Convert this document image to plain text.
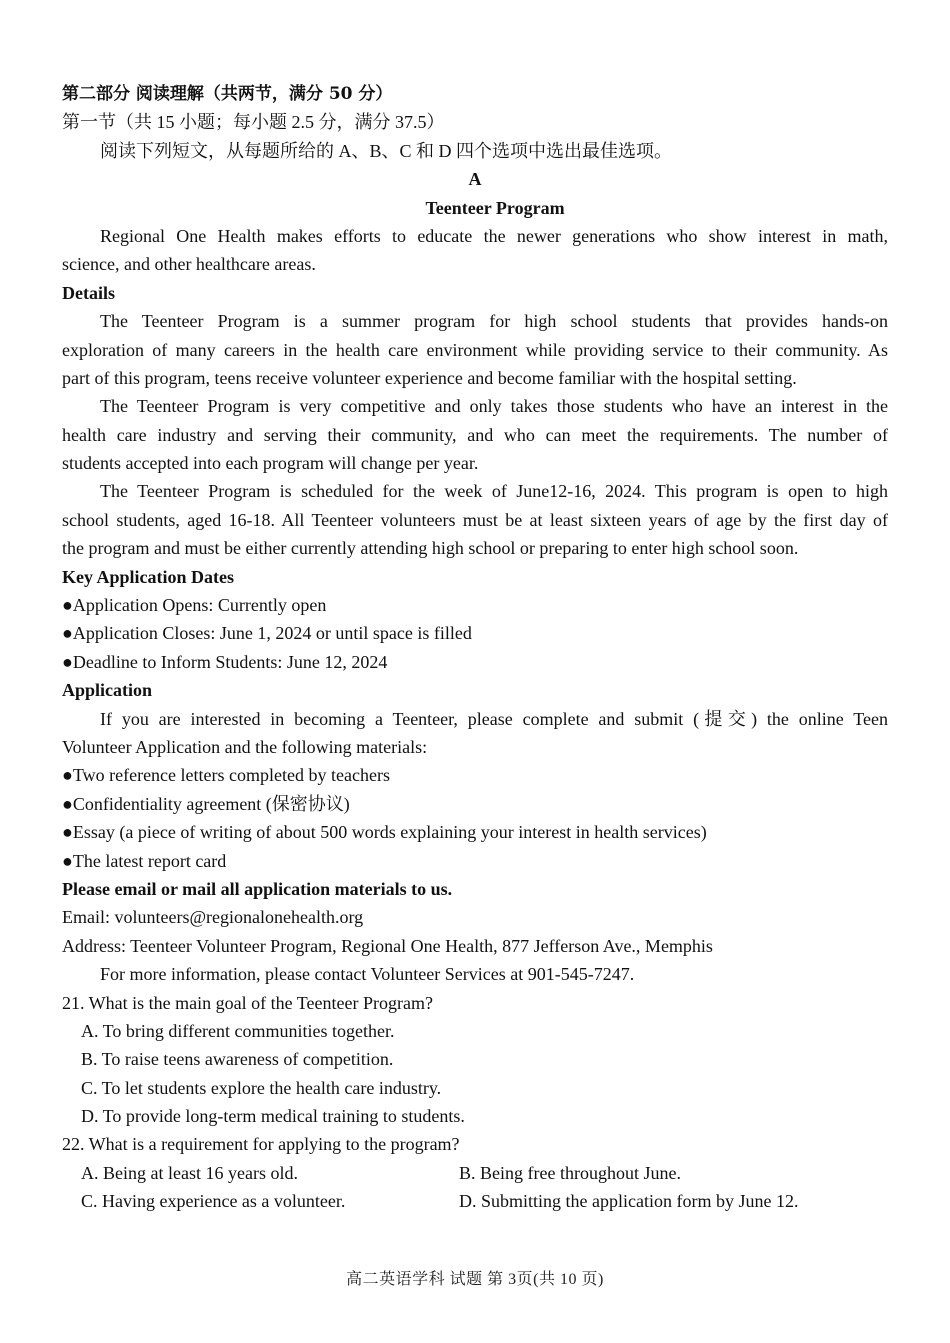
第二部分 阅读理解（共两节，满分 50 分）
第一节（共 15 小题；每小题 2.5 分，满分 37.5）
阅读下列短文，从每题所给的 A、B、C 和 D 四个选项中选出最佳选项。
A
Teenteer Program
Regional One Health makes efforts to educate the newer generations who show interest in math,
science, and other healthcare areas.
Details
The Teenteer Program is a summer program for high school students that provides hands-on
exploration of many careers in the health care environment while providing service to their community. As
part of this program, teens receive volunteer experience and become familiar with the hospital setting.
The Teenteer Program is very competitive and only takes those students who have an interest in the
health care industry and serving their community, and who can meet the requirements. The number of
students accepted into each program will change per year.
The Teenteer Program is scheduled for the week of June12-16, 2024. This program is open to high
school students, aged 16-18. All Teenteer volunteers must be at least sixteen years of age by the first day of
the program and must be either currently attending high school or preparing to enter high school soon.
Key Application Dates
●Application Opens: Currently open
●Application Closes: June 1, 2024 or until space is filled
●Deadline to Inform Students: June 12, 2024
Application
If you are interested in becoming a Teenteer, please complete and submit (提交) the online Teen
Volunteer Application and the following materials:
●Two reference letters completed by teachers
●Confidentiality agreement (保密协议)
●Essay (a piece of writing of about 500 words explaining your interest in health services)
●The latest report card
Please email or mail all application materials to us.
Email: volunteers@regionalonehealth.org
Address: Teenteer Volunteer Program, Regional One Health, 877 Jefferson Ave., Memphis
For more information, please contact Volunteer Services at 901-545-7247.
21. What is the main goal of the Teenteer Program?
A. To bring different communities together.
B. To raise teens awareness of competition.
C. To let students explore the health care industry.
D. To provide long-term medical training to students.
22. What is a requirement for applying to the program?
A. Being at least 16 years old.	B. Being free throughout June.
C. Having experience as a volunteer.	D. Submitting the application form by June 12.
高二英语学科 试题 第 3页(共 10 页)
